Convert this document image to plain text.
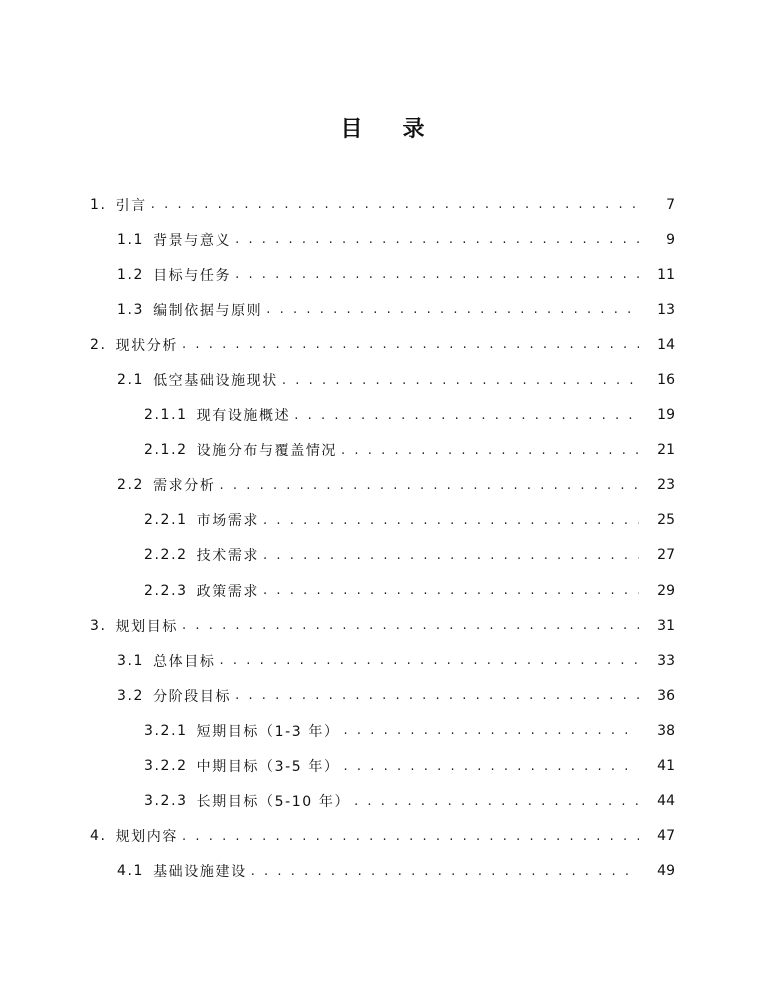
目 录
1. 引言 . . .	7
1.1 背景与意义 . . .	9
1.2 目标与任务 . . .	11
1.3 编制依据与原则 . . .	13
2. 现状分析 . . .	14
2.1 低空基础设施现状 . . .	16
2.1.1 现有设施概述 . . .	19
2.1.2 设施分布与覆盖情况 . . .	21
2.2 需求分析 . . .	23
2.2.1 市场需求 . . .	25
2.2.2 技术需求 . . .	27
2.2.3 政策需求 . . .	29
3. 规划目标 . . .	31
3.1 总体目标 . . .	33
3.2 分阶段目标 . . .	36
3.2.1 短期目标（1-3 年） . . .	38
3.2.2 中期目标（3-5 年） . . .	41
3.2.3 长期目标（5-10 年） . . .	44
4. 规划内容 . . .	47
4.1 基础设施建设 . . .	49
